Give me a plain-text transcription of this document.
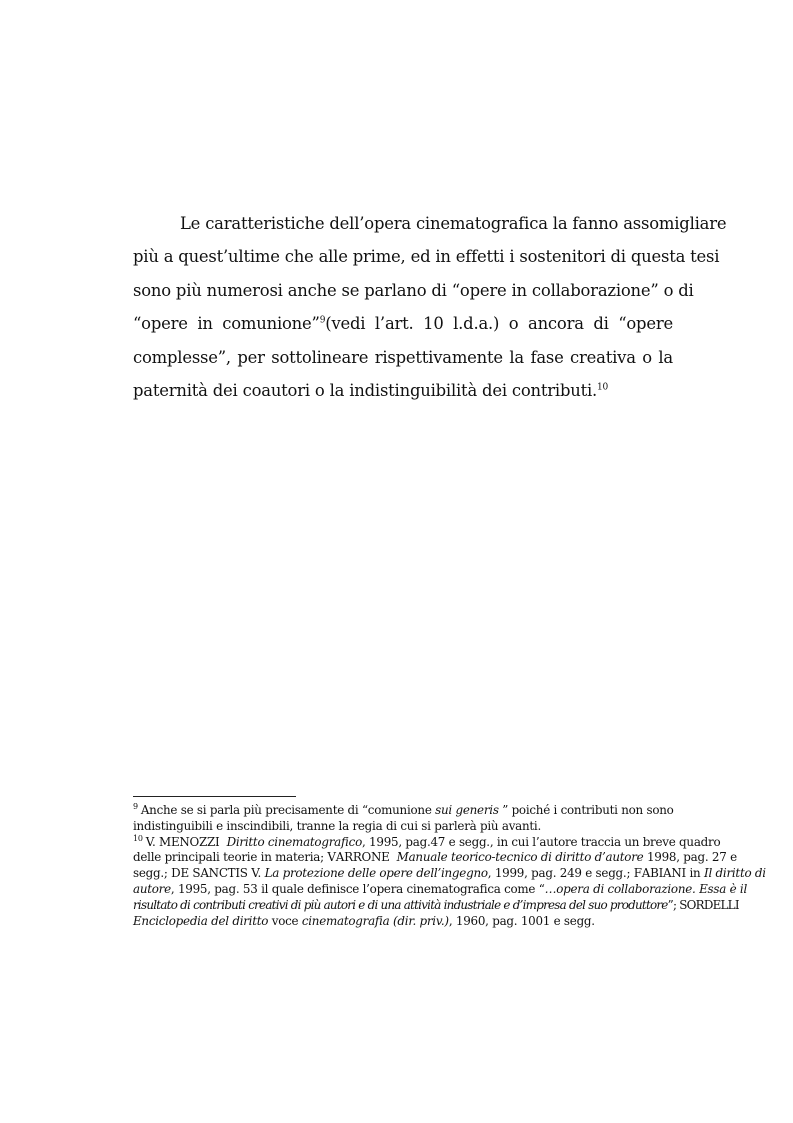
Le caratteristiche dell’opera cinematografica la fanno assomigliare
più a quest’ultime che alle prime, ed in effetti i sostenitori di questa tesi
sono più numerosi anche se parlano di “opere in collaborazione” o di
“opere in comunione”$^9$(vedi l’art. 10 l.d.a.) o ancora di “opere
complesse”, per sottolineare rispettivamente la fase creativa o la
paternità dei coautori o la indistinguibilità dei contributi.$^{10}$
$^9$ Anche se si parla più precisamente di “comunione sui generis ” poiché i contributi non sono
indistinguibili e inscindibili, tranne la regia di cui si parlerà più avanti.
$^{10}$ V. MENOZZI Diritto cinematografico, 1995, pag.47 e segg., in cui l’autore traccia un breve quadro
delle principali teorie in materia; VARRONE Manuale teorico-tecnico di diritto d’autore 1998, pag. 27 e
segg.; DE SANCTIS V. La protezione delle opere dell’ingegno, 1999, pag. 249 e segg.; FABIANI in Il diritto di
autore, 1995, pag. 53 il quale definisce l’opera cinematografica come “…opera di collaborazione. Essa è il
risultato di contributi creativi di più autori e di una attività industriale e d’impresa del suo produttore”; SORDELLI
Enciclopedia del diritto voce cinematografia (dir. priv.), 1960, pag. 1001 e segg.
